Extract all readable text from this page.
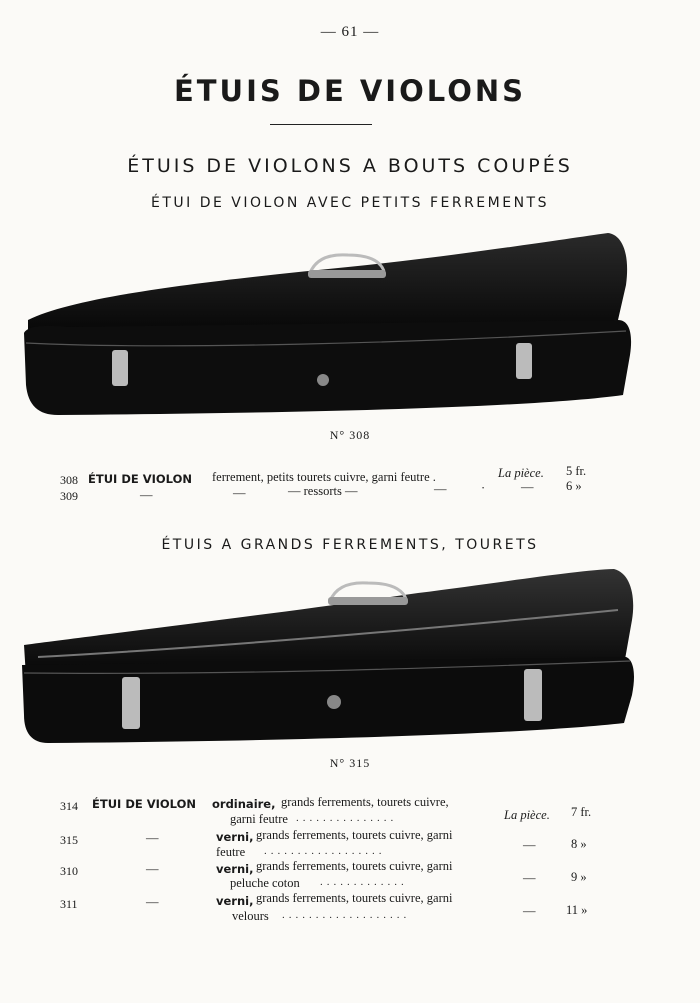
— 61 —
ÉTUIS DE VIOLONS
ÉTUIS DE VIOLONS A BOUTS COUPÉS
ÉTUI DE VIOLON AVEC PETITS FERREMENTS
N° 308
308 ÉTUI DE VIOLON ferrement, petits tourets cuivre, garni feutre .	La pièce. 5 fr.
309	—	—	— ressorts —	—	·	—	6 »
ÉTUIS A GRANDS FERREMENTS, TOURETS
N° 315
314 ÉTUI DE VIOLON ordinaire, grands ferrements, tourets cuivre,
garni feutre ...............	La pièce. 7 fr.
315	—	verni, grands ferrements, tourets cuivre, garni
feutre ..................	—	8 »
310	—	verni, grands ferrements, tourets cuivre, garni
peluche coton .............	—	9 »
311	—	verni, grands ferrements, tourets cuivre, garni
velours ...................	— 11 »
